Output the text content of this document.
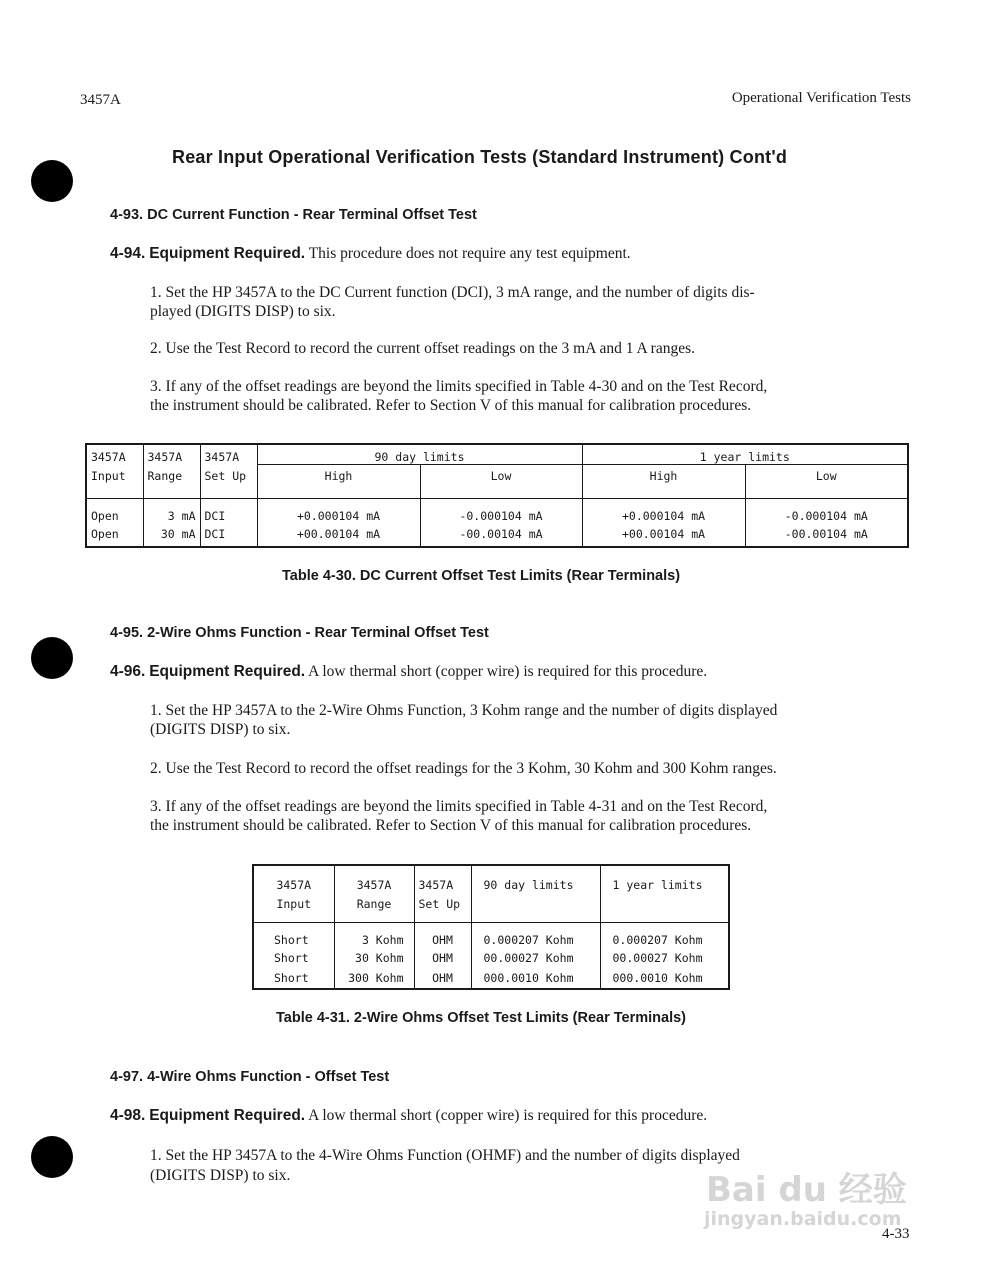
3457A	Operational Verification Tests
Rear Input Operational Verification Tests (Standard Instrument) Cont'd
4-93. DC Current Function - Rear Terminal Offset Test
4-94. Equipment Required. This procedure does not require any test equipment.
1. Set the HP 3457A to the DC Current function (DCI), 3 mA range, and the number of digits dis-
played (DIGITS DISP) to six.
2. Use the Test Record to record the current offset readings on the 3 mA and 1 A ranges.
3. If any of the offset readings are beyond the limits specified in Table 4-30 and on the Test Record,
the instrument should be calibrated. Refer to Section V of this manual for calibration procedures.
3457A	3457A	3457A	90 day limits		1 year limits	
Input	Range	Set Up	High	Low	High	Low
Open	3 mA	DCI	+0.000104 mA	-0.000104 mA	+0.000104 mA	-0.000104 mA
Open	30 mA	DCI	+00.00104 mA	-00.00104 mA	+00.00104 mA	-00.00104 mA
Table 4-30. DC Current Offset Test Limits (Rear Terminals)
4-95. 2-Wire Ohms Function - Rear Terminal Offset Test
4-96. Equipment Required. A low thermal short (copper wire) is required for this procedure.
1. Set the HP 3457A to the 2-Wire Ohms Function, 3 Kohm range and the number of digits displayed
(DIGITS DISP) to six.
2. Use the Test Record to record the offset readings for the 3 Kohm, 30 Kohm and 300 Kohm ranges.
3. If any of the offset readings are beyond the limits specified in Table 4-31 and on the Test Record,
the instrument should be calibrated. Refer to Section V of this manual for calibration procedures.
3457A	3457A	3457A	90 day limits	1 year limits
Input	Range	Set Up		
Short	3 Kohm	OHM	0.000207 Kohm	0.000207 Kohm
Short	30 Kohm	OHM	00.00027 Kohm	00.00027 Kohm
Short	300 Kohm	OHM	000.0010 Kohm	000.0010 Kohm
Table 4-31. 2-Wire Ohms Offset Test Limits (Rear Terminals)
4-97. 4-Wire Ohms Function - Offset Test
4-98. Equipment Required. A low thermal short (copper wire) is required for this procedure.
1. Set the HP 3457A to the 4-Wire Ohms Function (OHMF) and the number of digits displayed
(DIGITS DISP) to six.	Bai du 经验
jingyan.baidu.com
4-33
